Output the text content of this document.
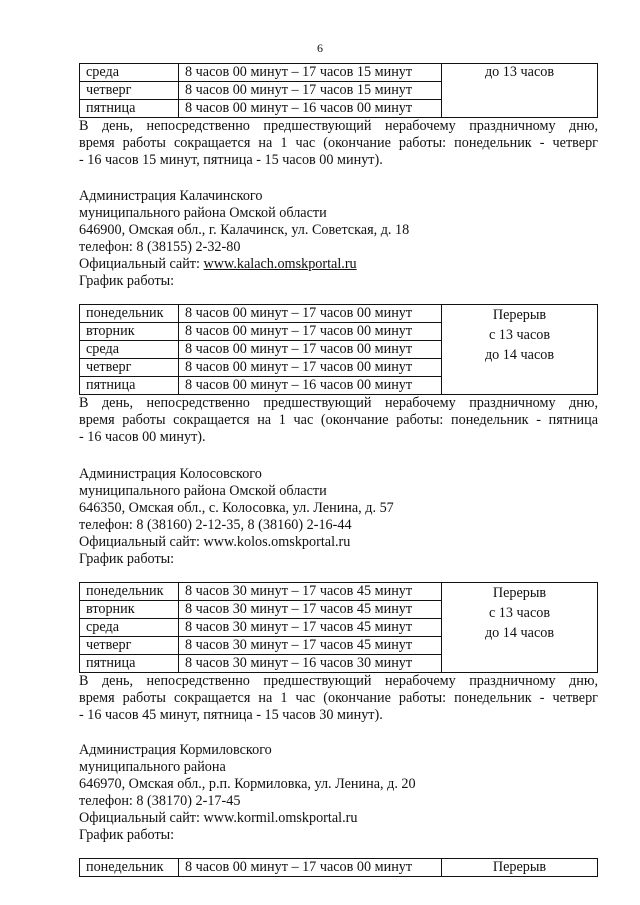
6
среда	8 часов 00 минут – 17 часов 15 минут	до 13 часов

четверг	8 часов 00 минут – 17 часов 15 минут	
пятница	8 часов 00 минут – 16 часов 00 минут	

В день, непосредственно предшествующий нерабочему праздничному дню,
время работы сокращается на 1 час (окончание работы: понедельник - четверг
- 16 часов 15 минут, пятница - 15 часов 00 минут).

Администрация Калачинского
муниципального района Омской области
646900, Омская обл., г. Калачинск, ул. Советская, д. 18
телефон: 8 (38155) 2-32-80
Официальный сайт: www.kalach.omskportal.ru
График работы:
понедельник	8 часов 00 минут – 17 часов 00 минут	Перерыв
с 13 часов
до 14 часов

вторник	8 часов 00 минут – 17 часов 00 минут	
среда	8 часов 00 минут – 17 часов 00 минут	
четверг	8 часов 00 минут – 17 часов 00 минут	
пятница	8 часов 00 минут – 16 часов 00 минут	

В день, непосредственно предшествующий нерабочему праздничному дню,
время работы сокращается на 1 час (окончание работы: понедельник - пятница
- 16 часов 00 минут).

Администрация Колосовского
муниципального района Омской области
646350, Омская обл., с. Колосовка, ул. Ленина, д. 57
телефон: 8 (38160) 2-12-35, 8 (38160) 2-16-44
Официальный сайт: www.kolos.omskportal.ru
График работы:
понедельник	8 часов 30 минут – 17 часов 45 минут	Перерыв
с 13 часов
до 14 часов

вторник	8 часов 30 минут – 17 часов 45 минут	
среда	8 часов 30 минут – 17 часов 45 минут	
четверг	8 часов 30 минут – 17 часов 45 минут	
пятница	8 часов 30 минут – 16 часов 30 минут	

В день, непосредственно предшествующий нерабочему праздничному дню,
время работы сокращается на 1 час (окончание работы: понедельник - четверг
- 16 часов 45 минут, пятница - 15 часов 30 минут).

Администрация Кормиловского
муниципального района
646970, Омская обл., р.п. Кормиловка, ул. Ленина, д. 20
телефон: 8 (38170) 2-17-45
Официальный сайт: www.kormil.omskportal.ru
График работы:
понедельник	8 часов 00 минут – 17 часов 00 минут	Перерыв
